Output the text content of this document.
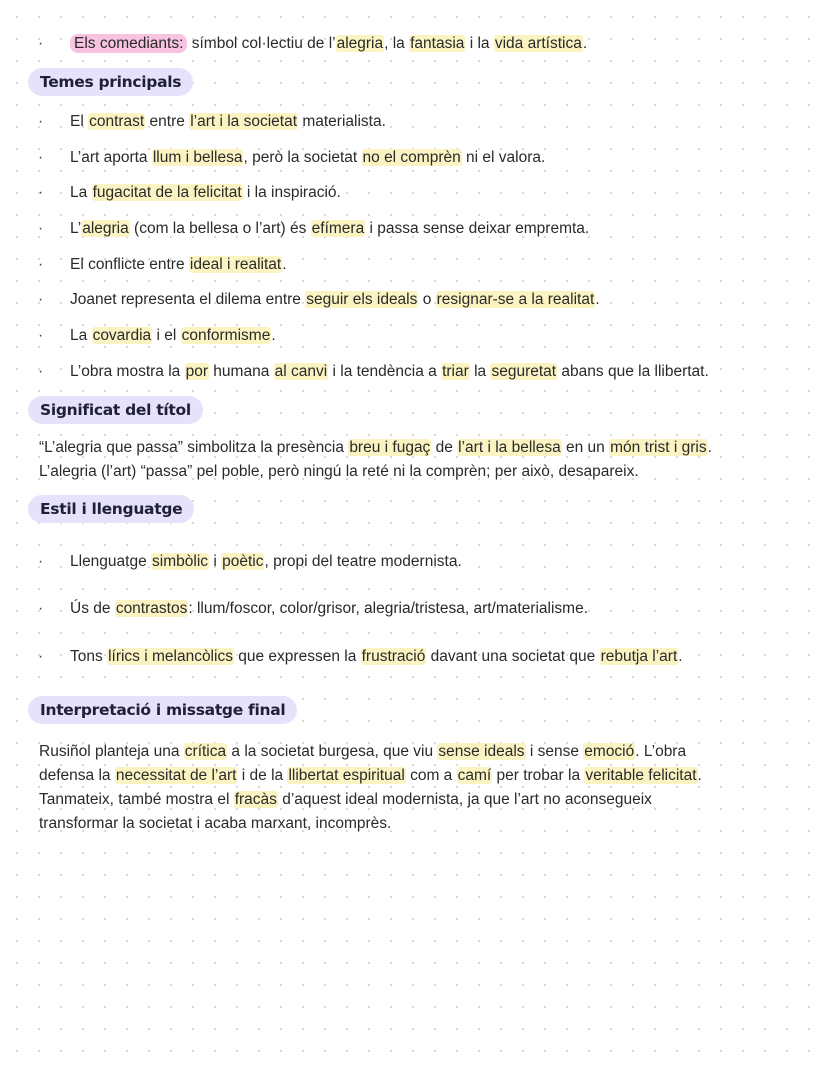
·	Els comediants: símbol col·lectiu de l’alegria, la fantasia i la vida artística.
Temes principals
·	El contrast entre l’art i la societat materialista.
·	L’art aporta llum i bellesa, però la societat no el comprèn ni el valora.
·	La fugacitat de la felicitat i la inspiració.
·	L’alegria (com la bellesa o l’art) és efímera i passa sense deixar empremta.
·	El conflicte entre ideal i realitat.
·	Joanet representa el dilema entre seguir els ideals o resignar-se a la realitat.
·	La covardia i el conformisme.
·	L’obra mostra la por humana al canvi i la tendència a triar la seguretat abans que la llibertat.
Significat del títol

“L’alegria que passa” simbolitza la presència breu i fugaç de l’art i la bellesa en un món trist i gris.

L’alegria (l’art) “passa” pel poble, però ningú la reté ni la comprèn; per això, desapareix.

Estil i llenguatge
·	Llenguatge simbòlic i poètic, propi del teatre modernista.
·	Ús de contrastos: llum/foscor, color/grisor, alegria/tristesa, art/materialisme.
·	Tons lírics i melancòlics que expressen la frustració davant una societat que rebutja l’art.
Interpretació i missatge final

Rusiñol planteja una crítica a la societat burgesa, que viu sense ideals i sense emoció. L’obra

defensa la necessitat de l’art i de la llibertat espiritual com a camí per trobar la veritable felicitat.

Tanmateix, també mostra el fracàs d’aquest ideal modernista, ja que l’art no aconsegueix

transformar la societat i acaba marxant, incomprès.
